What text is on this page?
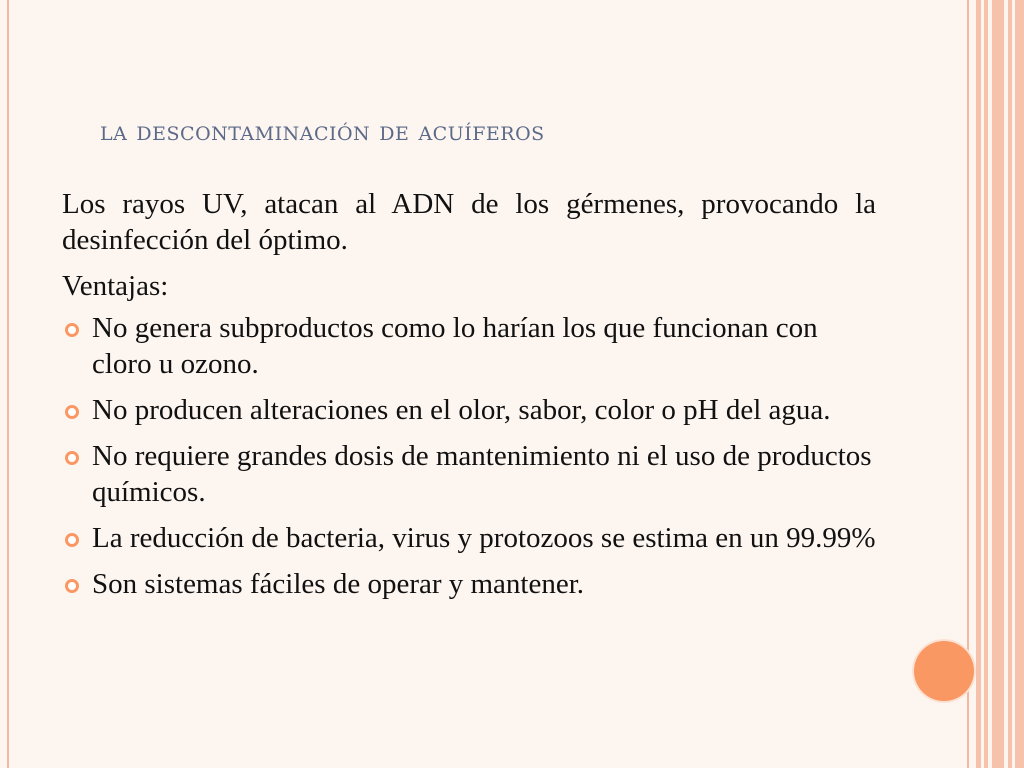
la descontaminación de acuíferos

Los rayos UV, atacan al ADN de los gérmenes, provocando la desinfección del óptimo.

Ventajas:

No genera subproductos como lo harían los que funcionan con cloro u ozono.
No producen alteraciones en el olor, sabor, color o pH del agua.
No requiere grandes dosis de mantenimiento ni el uso de productos químicos.
La reducción de bacteria, virus y protozoos se estima en un 99.99%
Son sistemas fáciles de operar y mantener.
